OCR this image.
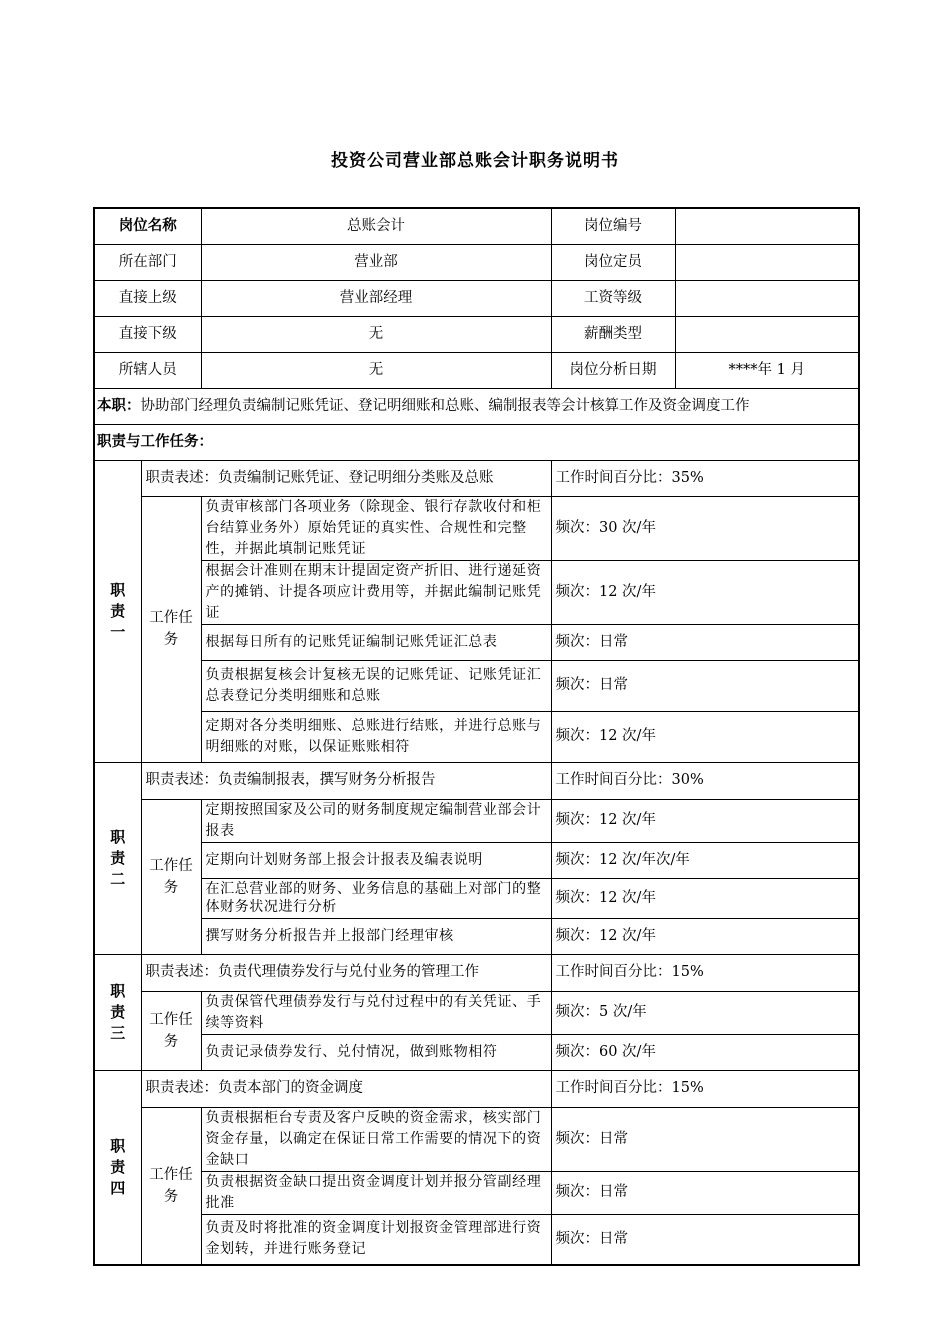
投资公司营业部总账会计职务说明书
岗位名称		总账会计	岗位编号	
所在部门		营业部	岗位定员	
直接上级		营业部经理	工资等级	
直接下级		无	薪酬类型	
所辖人员		无	岗位分析日期	****年 1 月
本职：协助部门经理负责编制记账凭证、登记明细账和总账、编制报表等会计核算工作及资金调度工作				
职责与工作任务：				

职
责
一	职责表述：负责编制记账凭证、登记明细分类账及总账		工作时间百分比：35%	
	工作任务	负责审核部门各项业务（除现金、银行存款收付和柜台结算业务外）原始凭证的真实性、合规性和完整性，并据此填制记账凭证	频次：30 次/年	
		根据会计准则在期末计提固定资产折旧、进行递延资产的摊销、计提各项应计费用等，并据此编制记账凭证	频次：12 次/年	
		根据每日所有的记账凭证编制记账凭证汇总表	频次：日常	
		负责根据复核会计复核无误的记账凭证、记账凭证汇总表登记分类明细账和总账	频次：日常	
		定期对各分类明细账、总账进行结账，并进行总账与明细账的对账，以保证账账相符	频次：12 次/年	

职
责
二	职责表述：负责编制报表，撰写财务分析报告		工作时间百分比：30%	
	工作任务	定期按照国家及公司的财务制度规定编制营业部会计报表	频次：12 次/年	
		定期向计划财务部上报会计报表及编表说明	频次：12 次/年次/年	
		在汇总营业部的财务、业务信息的基础上对部门的整体财务状况进行分析	频次：12 次/年	
		撰写财务分析报告并上报部门经理审核	频次：12 次/年	

职
责
三	职责表述：负责代理债券发行与兑付业务的管理工作		工作时间百分比：15%	
	工作任务	负责保管代理债券发行与兑付过程中的有关凭证、手续等资料	频次：5 次/年	
		负责记录债券发行、兑付情况，做到账物相符	频次：60 次/年	

职
责
四	职责表述：负责本部门的资金调度		工作时间百分比：15%	
	工作任务	负责根据柜台专责及客户反映的资金需求，核实部门资金存量，以确定在保证日常工作需要的情况下的资金缺口	频次：日常	
		负责根据资金缺口提出资金调度计划并报分管副经理批准	频次：日常	
		负责及时将批准的资金调度计划报资金管理部进行资金划转，并进行账务登记	频次：日常	
